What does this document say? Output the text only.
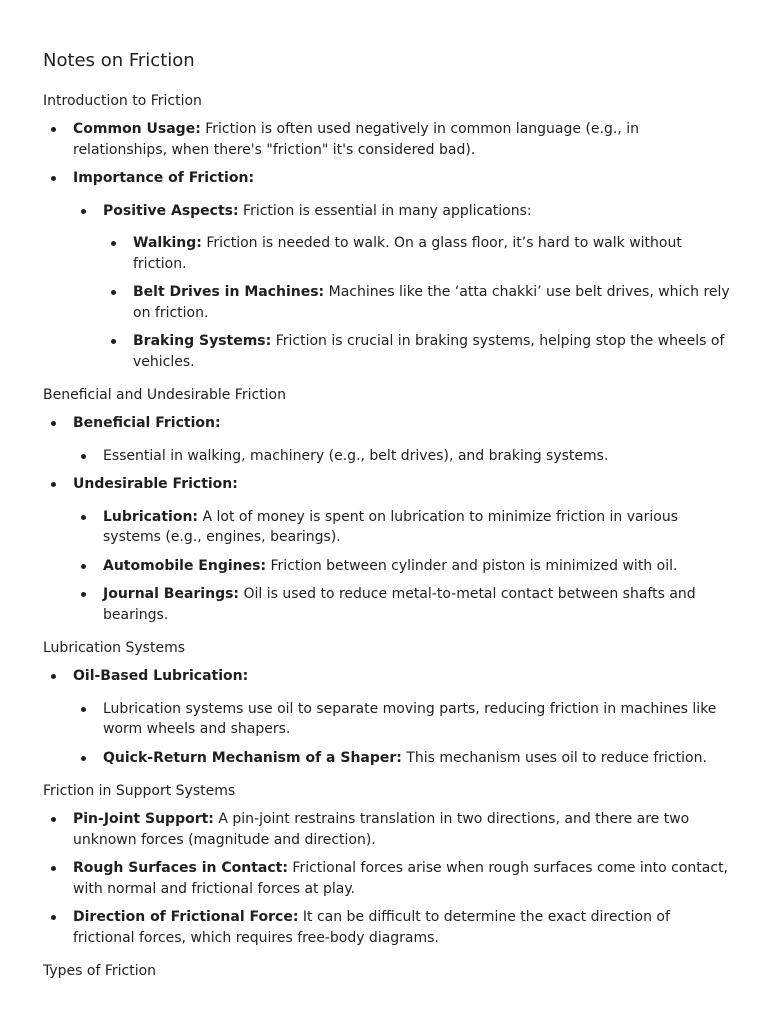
Notes on Friction
Introduction to Friction
Common Usage: Friction is often used negatively in common language (e.g., in relationships, when there's "friction" it's considered bad).
Importance of Friction:
Positive Aspects: Friction is essential in many applications:
Walking: Friction is needed to walk. On a glass floor, it’s hard to walk without friction.
Belt Drives in Machines: Machines like the ‘atta chakki’ use belt drives, which rely on friction.
Braking Systems: Friction is crucial in braking systems, helping stop the wheels of vehicles.
Beneficial and Undesirable Friction
Beneficial Friction:
Essential in walking, machinery (e.g., belt drives), and braking systems.
Undesirable Friction:
Lubrication: A lot of money is spent on lubrication to minimize friction in various systems (e.g., engines, bearings).
Automobile Engines: Friction between cylinder and piston is minimized with oil.
Journal Bearings: Oil is used to reduce metal-to-metal contact between shafts and bearings.
Lubrication Systems
Oil-Based Lubrication:
Lubrication systems use oil to separate moving parts, reducing friction in machines like worm wheels and shapers.
Quick-Return Mechanism of a Shaper: This mechanism uses oil to reduce friction.
Friction in Support Systems
Pin-Joint Support: A pin-joint restrains translation in two directions, and there are two unknown forces (magnitude and direction).
Rough Surfaces in Contact: Frictional forces arise when rough surfaces come into contact, with normal and frictional forces at play.
Direction of Frictional Force: It can be difficult to determine the exact direction of frictional forces, which requires free-body diagrams.
Types of Friction
